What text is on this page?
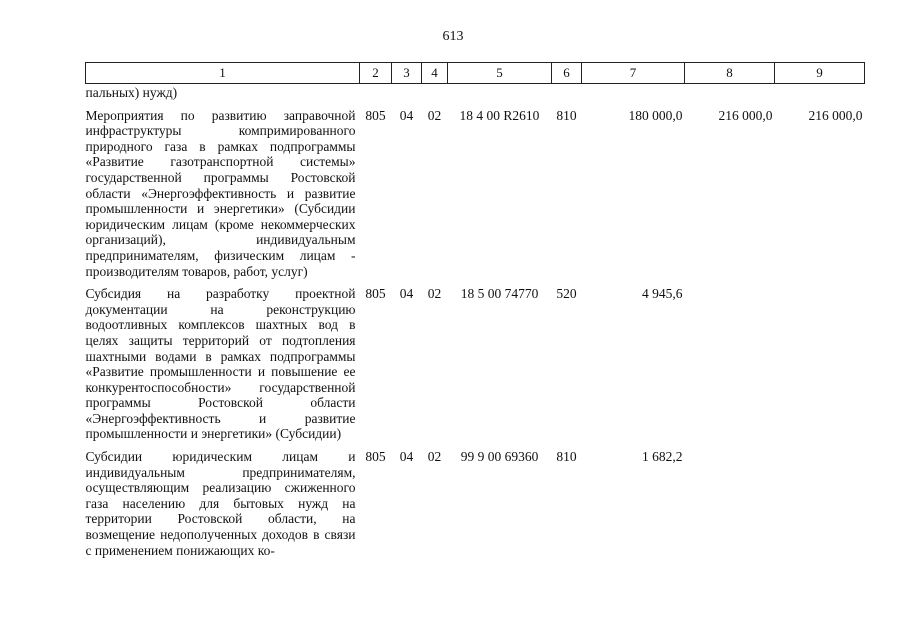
613
1	2	3	4	5	6	7	8	9
пальных) нужд)								
Мероприятия по развитию заправочной инфраструктуры компримированного природного газа в рамках подпрограммы «Развитие газотранспортной системы» государственной программы Ростовской области «Энергоэффективность и развитие промышленности и энергетики» (Субсидии юридическим лицам (кроме некоммерческих организаций), индивидуальным предпринимателям, физическим лицам - производителям товаров, работ, услуг)	805	04	02	18 4 00 R2610	810	180 000,0	216 000,0	216 000,0
Субсидия на разработку проектной документации на реконструкцию водоотливных комплексов шахтных вод в целях защиты территорий от подтопления шахтными водами в рамках подпрограммы «Развитие промышленности и повышение ее конкурентоспособности» государственной программы Ростовской области «Энергоэффективность и развитие промышленности и энергетики» (Субсидии)	805	04	02	18 5 00 74770	520	4 945,6		
Субсидии юридическим лицам и индивидуальным предпринимателям, осуществляющим реализацию сжиженного газа населению для бытовых нужд на территории Ростовской области, на возмещение недополученных доходов в связи с применением понижающих ко-	805	04	02	99 9 00 69360	810	1 682,2		
